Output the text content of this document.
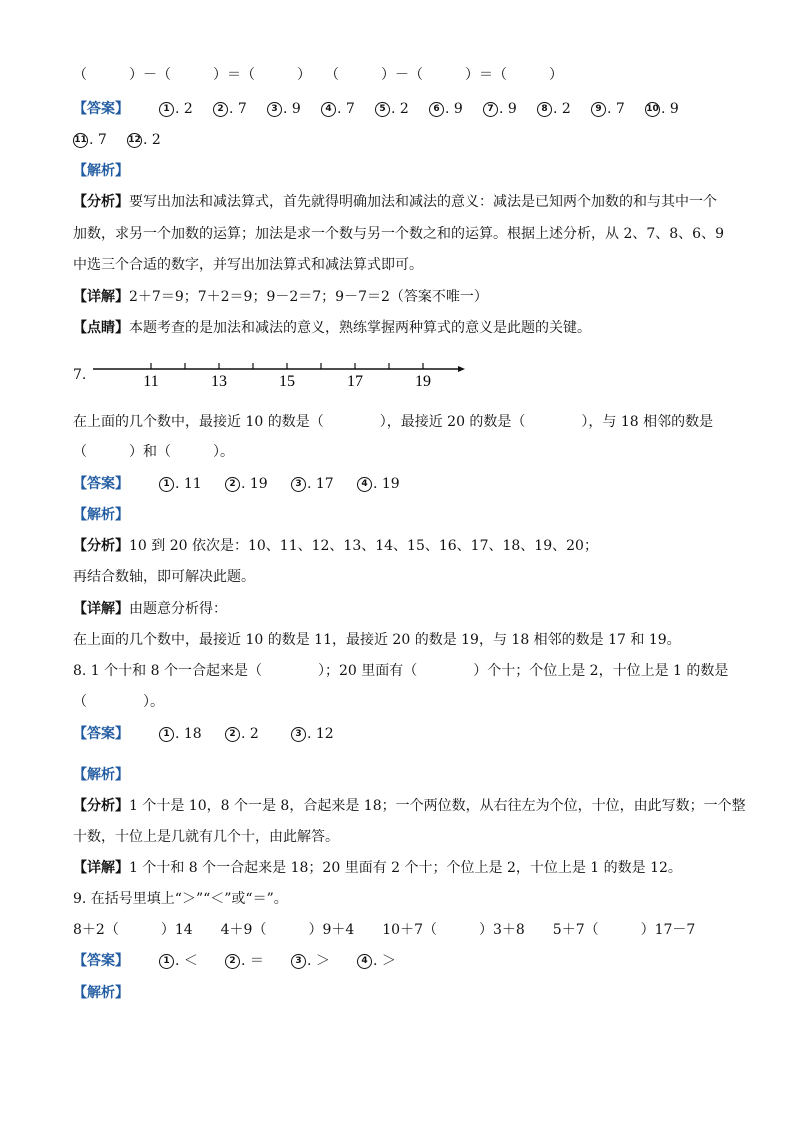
（　　　）－（　　　）＝（　　　）　　（　　　）－（　　　）＝（　　　）
【答案】	1 . 2	2 . 7	3 . 9	4 . 7	5 . 2	6 . 9	7 . 9	8 . 2	9 . 7 10 . 9
11 . 7 12 . 2
【解析】
【分析】要写出加法和减法算式，首先就得明确加法和减法的意义：减法是已知两个加数的和与其中一个
加数，求另一个加数的运算；加法是求一个数与另一个数之和的运算。根据上述分析，从 2、7、8、6、9
中选三个合适的数字，并写出加法算式和减法算式即可。
【详解】2＋7＝9；7＋2＝9；9－2＝7；9－7＝2（答案不唯一）
【点睛】本题考查的是加法和减法的意义，熟练掌握两种算式的意义是此题的关键。
7.	11	13	15	17	19
在上面的几个数中，最接近 10 的数是（　　　　），最接近 20 的数是（　　　　），与 18 相邻的数是
（　　　）和（　　　）。
【答案】	1 . 11	2 . 19	3 . 17	4 . 19
【解析】
【分析】10 到 20 依次是：10、11、12、13、14、15、16、17、18、19、20；
再结合数轴，即可解决此题。
【详解】由题意分析得：
在上面的几个数中，最接近 10 的数是 11，最接近 20 的数是 19，与 18 相邻的数是 17 和 19。
8. 1 个十和 8 个一合起来是（　　　　）；20 里面有（　　　　）个十；个位上是 2，十位上是 1 的数是
（　　　　）。
【答案】	1 . 18	2 . 2	3 . 12
【解析】
【分析】1 个十是 10，8 个一是 8，合起来是 18；一个两位数，从右往左为个位，十位，由此写数；一个整
十数，十位上是几就有几个十，由此解答。
【详解】1 个十和 8 个一合起来是 18；20 里面有 2 个十；个位上是 2，十位上是 1 的数是 12。
9. 在括号里填上“＞”“＜”或“＝”。
8＋2（　　　）14　　4＋9（　　　）9＋4　　10＋7（　　　）3＋8　　5＋7（　　　）17－7
【答案】	1 . ＜	2 . ＝	3 . ＞	4 . ＞
【解析】
